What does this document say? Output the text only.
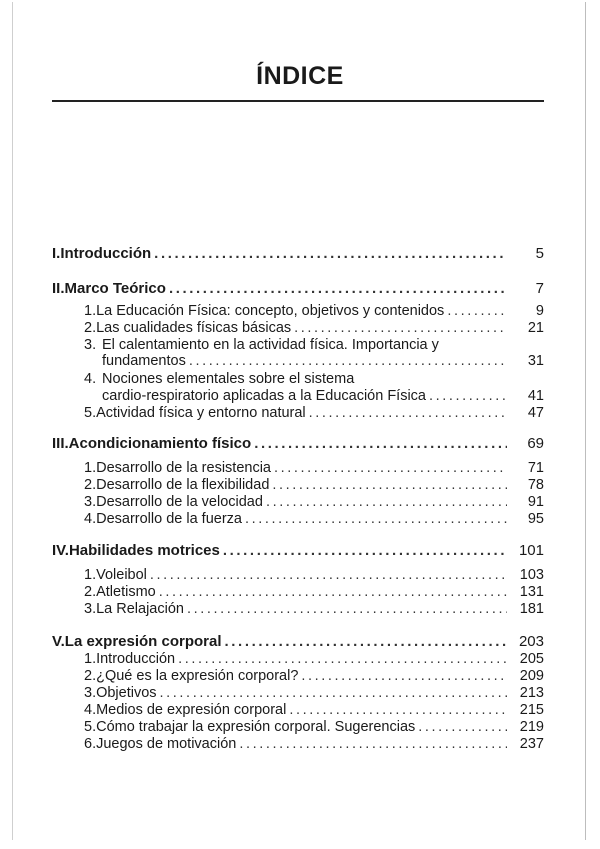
ÍNDICE
I. Introducción .....	5
II. Marco Teórico .....	7
1. La Educación Física: concepto, objetivos y contenidos .....	9
2. Las cualidades físicas básicas .....	21
3. El calentamiento en la actividad física. Importancia y
fundamentos .....	31
4. Nociones elementales sobre el sistema
cardio-respiratorio aplicadas a la Educación Física .....	41
5. Actividad física y entorno natural .....	47
III. Acondicionamiento físico .....	69
1. Desarrollo de la resistencia .....	71
2. Desarrollo de la flexibilidad .....	78
3. Desarrollo de la velocidad .....	91
4. Desarrollo de la fuerza .....	95
IV. Habilidades motrices .....	101
1. Voleibol .....	103
2. Atletismo .....	131
3. La Relajación .....	181
V. La expresión corporal .....	203
1. Introducción .....	205
2. ¿Qué es la expresión corporal? .....	209
3. Objetivos .....	213
4. Medios de expresión corporal .....	215
5. Cómo trabajar la expresión corporal. Sugerencias .....	219
6. Juegos de motivación .....	237
